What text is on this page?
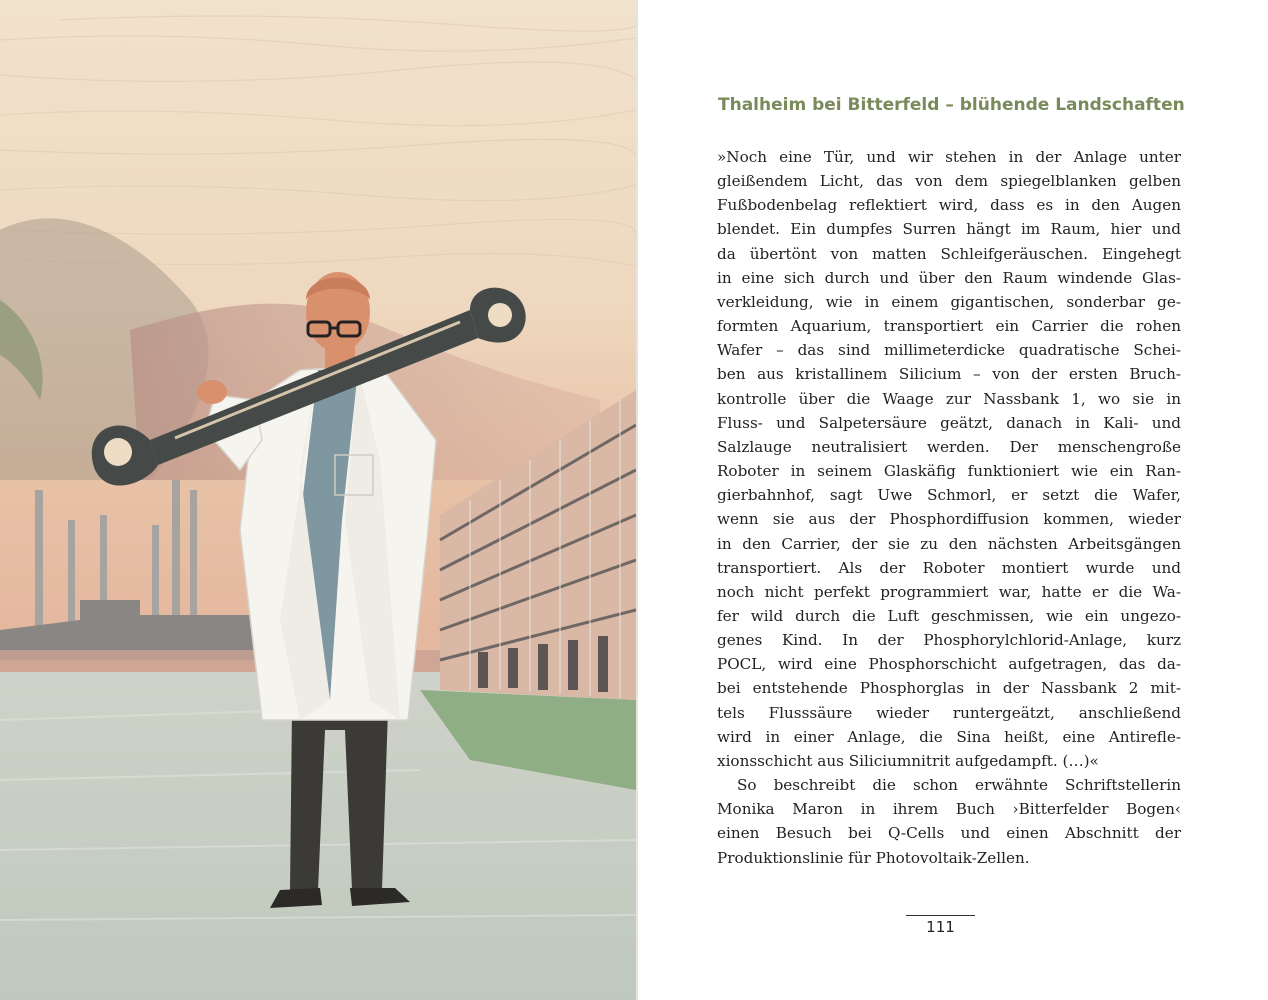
Thalheim bei Bitterfeld – blühende Landschaften
»Noch eine Tür, und wir stehen in der Anlage unter
gleißendem Licht, das von dem spiegelblanken gelben
Fußbodenbelag reflektiert wird, dass es in den Augen
blendet. Ein dumpfes Surren hängt im Raum, hier und
da übertönt von matten Schleifgeräuschen. Eingehegt
in eine sich durch und über den Raum windende Glas-
verkleidung, wie in einem gigantischen, sonderbar ge-
formten Aquarium, transportiert ein Carrier die rohen
Wafer – das sind millimeterdicke quadratische Schei-
ben aus kristallinem Silicium – von der ersten Bruch-
kontrolle über die Waage zur Nassbank 1, wo sie in
Fluss- und Salpetersäure geätzt, danach in Kali- und
Salzlauge neutralisiert werden. Der menschengroße
Roboter in seinem Glaskäfig funktioniert wie ein Ran-
gierbahnhof, sagt Uwe Schmorl, er setzt die Wafer,
wenn sie aus der Phosphordiffusion kommen, wieder
in den Carrier, der sie zu den nächsten Arbeitsgängen
transportiert. Als der Roboter montiert wurde und
noch nicht perfekt programmiert war, hatte er die Wa-
fer wild durch die Luft geschmissen, wie ein ungezo-
genes Kind. In der Phosphorylchlorid-Anlage, kurz
POCL, wird eine Phosphorschicht aufgetragen, das da-
bei entstehende Phosphorglas in der Nassbank 2 mit-
tels Flusssäure wieder runtergeätzt, anschließend
wird in einer Anlage, die Sina heißt, eine Antirefle-
xionsschicht aus Siliciumnitrit aufgedampft. (…)«
So beschreibt die schon erwähnte Schriftstellerin
Monika Maron in ihrem Buch ›Bitterfelder Bogen‹
einen Besuch bei Q-Cells und einen Abschnitt der
Produktionslinie für Photovoltaik-Zellen.
111
